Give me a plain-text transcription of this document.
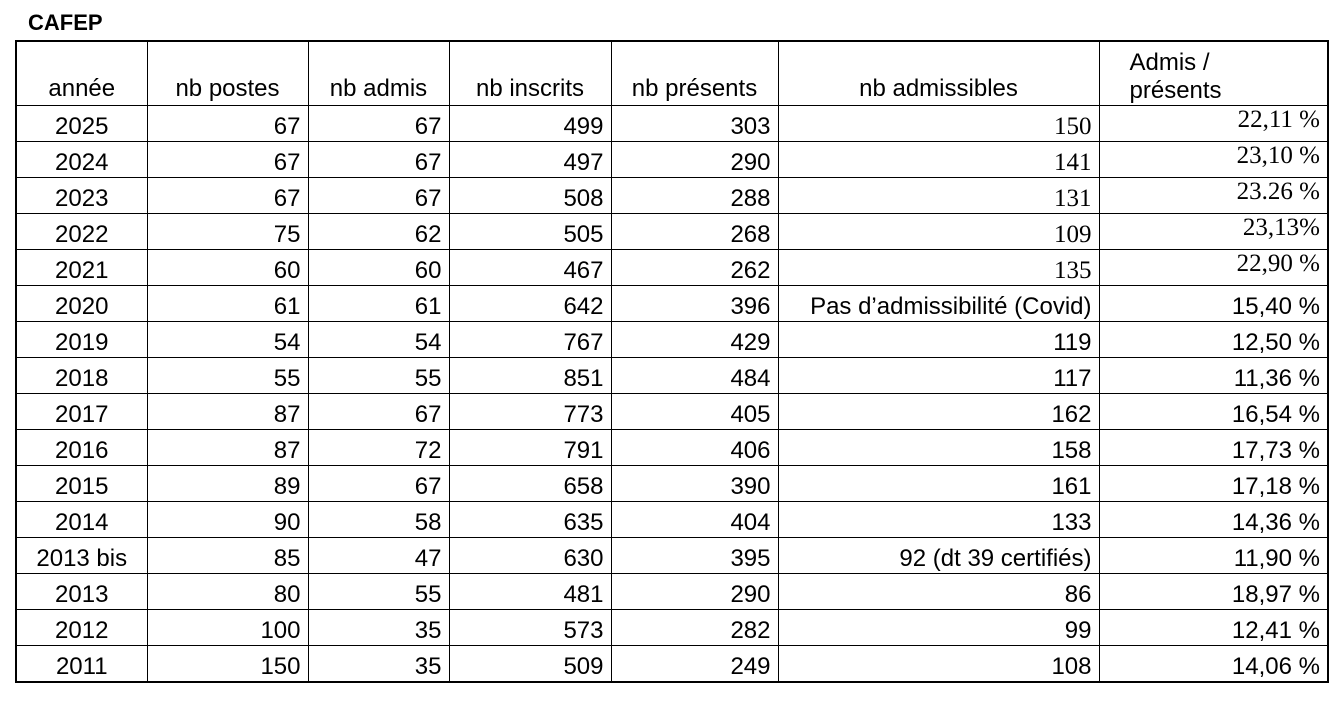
CAFEP
année	nb postes	nb admis	nb inscrits	nb présents	nb admissibles	Admis / présents
2025	67	67	499	303	150	22,11 %
2024	67	67	497	290	141	23,10 %
2023	67	67	508	288	131	23.26 %
2022	75	62	505	268	109	23,13%
2021	60	60	467	262	135	22,90 %
2020	61	61	642	396	Pas d’admissibilité (Covid)	15,40 %
2019	54	54	767	429	119	12,50 %
2018	55	55	851	484	117	11,36 %
2017	87	67	773	405	162	16,54 %
2016	87	72	791	406	158	17,73 %
2015	89	67	658	390	161	17,18 %
2014	90	58	635	404	133	14,36 %
2013 bis	85	47	630	395	92 (dt 39 certifiés)	11,90 %
2013	80	55	481	290	86	18,97 %
2012	100	35	573	282	99	12,41 %
2011	150	35	509	249	108	14,06 %
